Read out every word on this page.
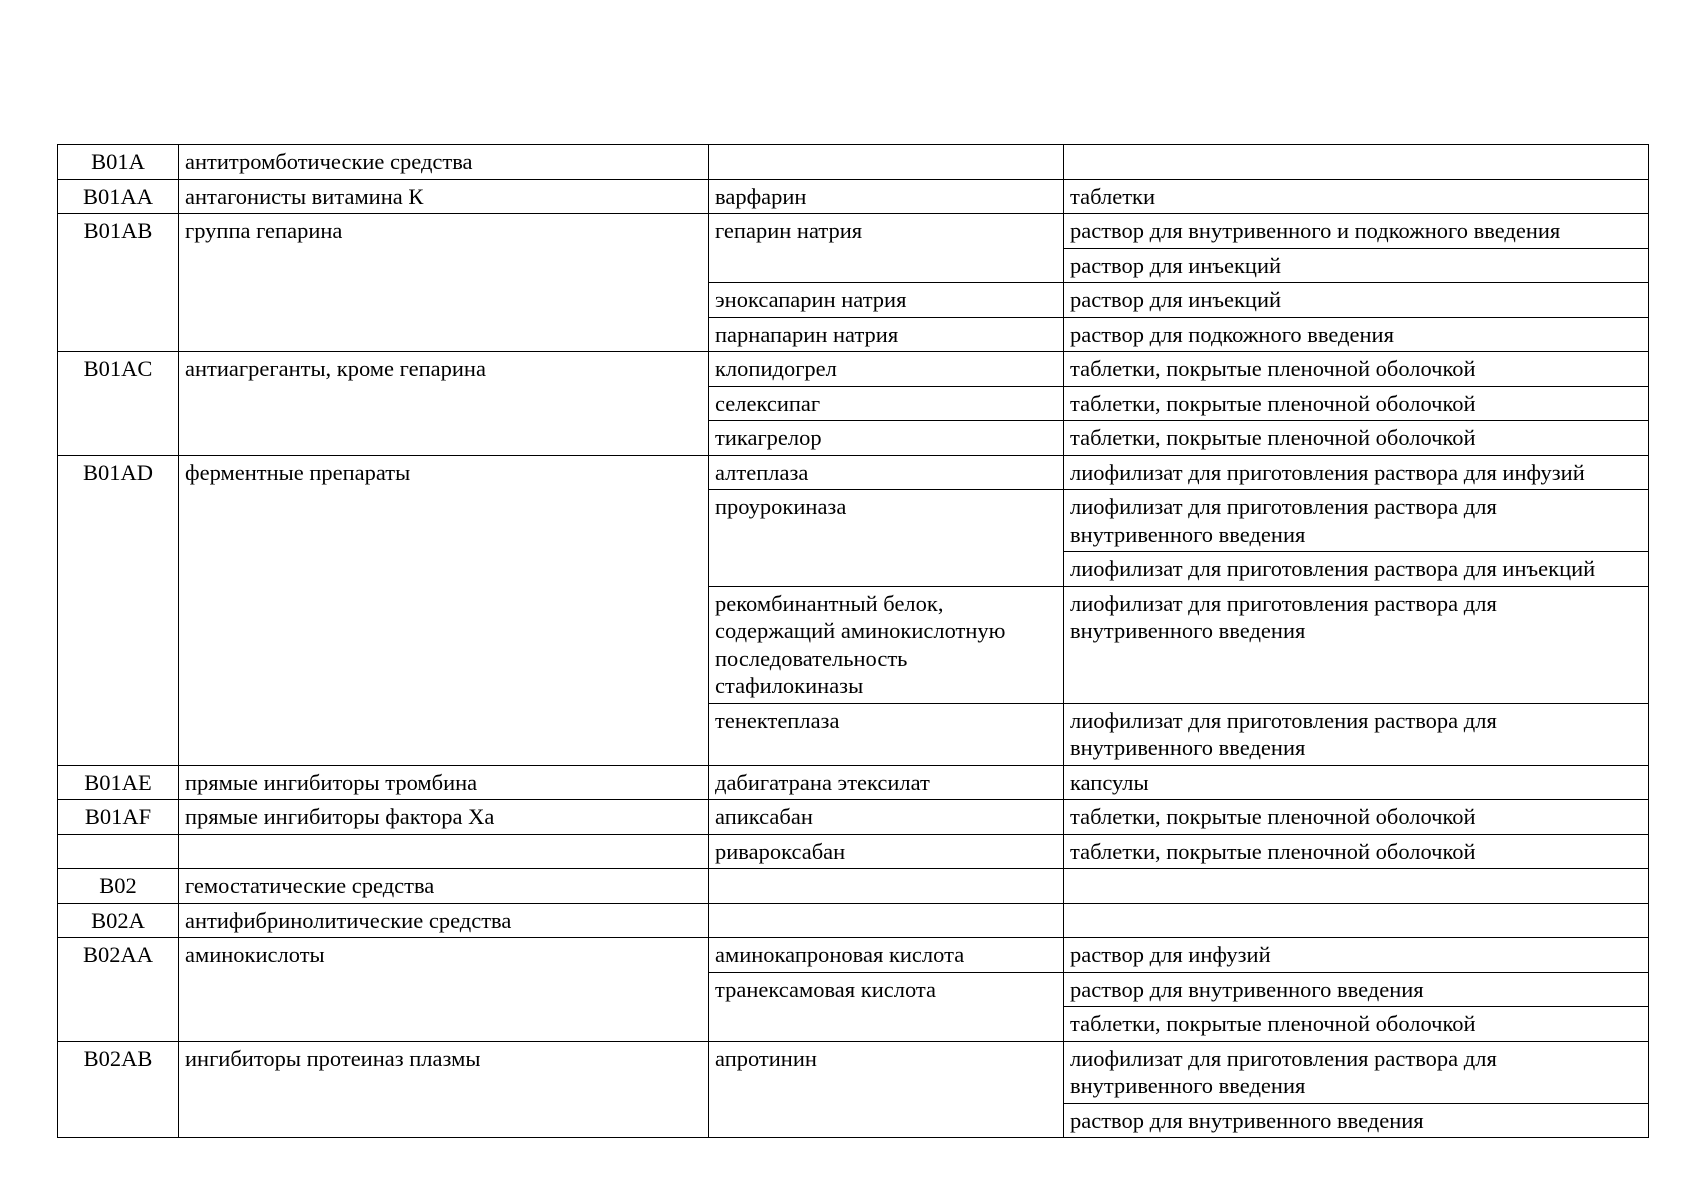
B01A	антитромботические средства		
B01AA	антагонисты витамина К	варфарин	таблетки
B01AB	группа гепарина	гепарин натрия	раствор для внутривенного и подкожного введения
			раствор для инъекций
		эноксапарин натрия	раствор для инъекций
		парнапарин натрия	раствор для подкожного введения
B01AC	антиагреганты, кроме гепарина	клопидогрел	таблетки, покрытые пленочной оболочкой
		селексипаг	таблетки, покрытые пленочной оболочкой
		тикагрелор	таблетки, покрытые пленочной оболочкой
B01AD	ферментные препараты	алтеплаза	лиофилизат для приготовления раствора для инфузий
		проурокиназа	лиофилизат для приготовления раствора для внутривенного введения
			лиофилизат для приготовления раствора для инъекций
		рекомбинантный белок, содержащий аминокислотную последовательность стафилокиназы	лиофилизат для приготовления раствора для внутривенного введения
		тенектеплаза	лиофилизат для приготовления раствора для внутривенного введения
B01AE	прямые ингибиторы тромбина	дабигатрана этексилат	капсулы
B01AF	прямые ингибиторы фактора Xa	апиксабан	таблетки, покрытые пленочной оболочкой
		ривароксабан	таблетки, покрытые пленочной оболочкой
B02	гемостатические средства		
B02A	антифибринолитические средства		
B02AA	аминокислоты	аминокапроновая кислота	раствор для инфузий
		транексамовая кислота	раствор для внутривенного введения
			таблетки, покрытые пленочной оболочкой
B02AB	ингибиторы протеиназ плазмы	апротинин	лиофилизат для приготовления раствора для внутривенного введения
			раствор для внутривенного введения
